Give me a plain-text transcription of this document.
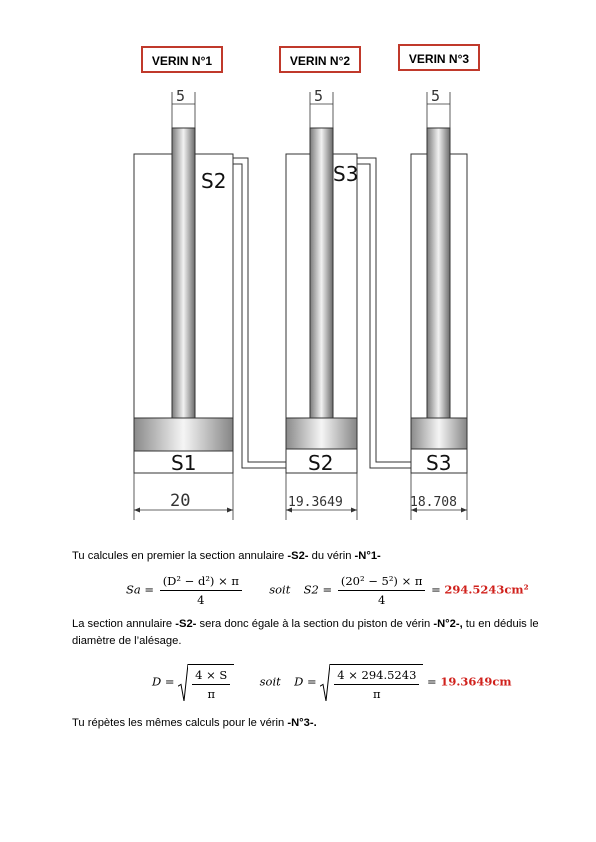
S2	S3
S1	S2	S3
5	5	5
20	19.3649	18.708
VERIN N°1	VERIN N°2	VERIN N°3
Tu calcules en premier la section annulaire -S2- du vérin -N°1-
$Sa = \frac{\text{(D² − d²) × π}}{4}$ soit $S2 = \frac{\text{(20² − 5²) × π}}{4} = 294.5243cm^2$
La section annulaire -S2- sera donc égale à la section du piston de vérin -N°2-, tu en déduis le diamètre de l’alésage.
$D = \frac{4 \times S}{\pi}$	soit $D = \frac{4 \times 294.5243}{\pi} = 19.3649cm$
Tu répètes les mêmes calculs pour le vérin -N°3-.
